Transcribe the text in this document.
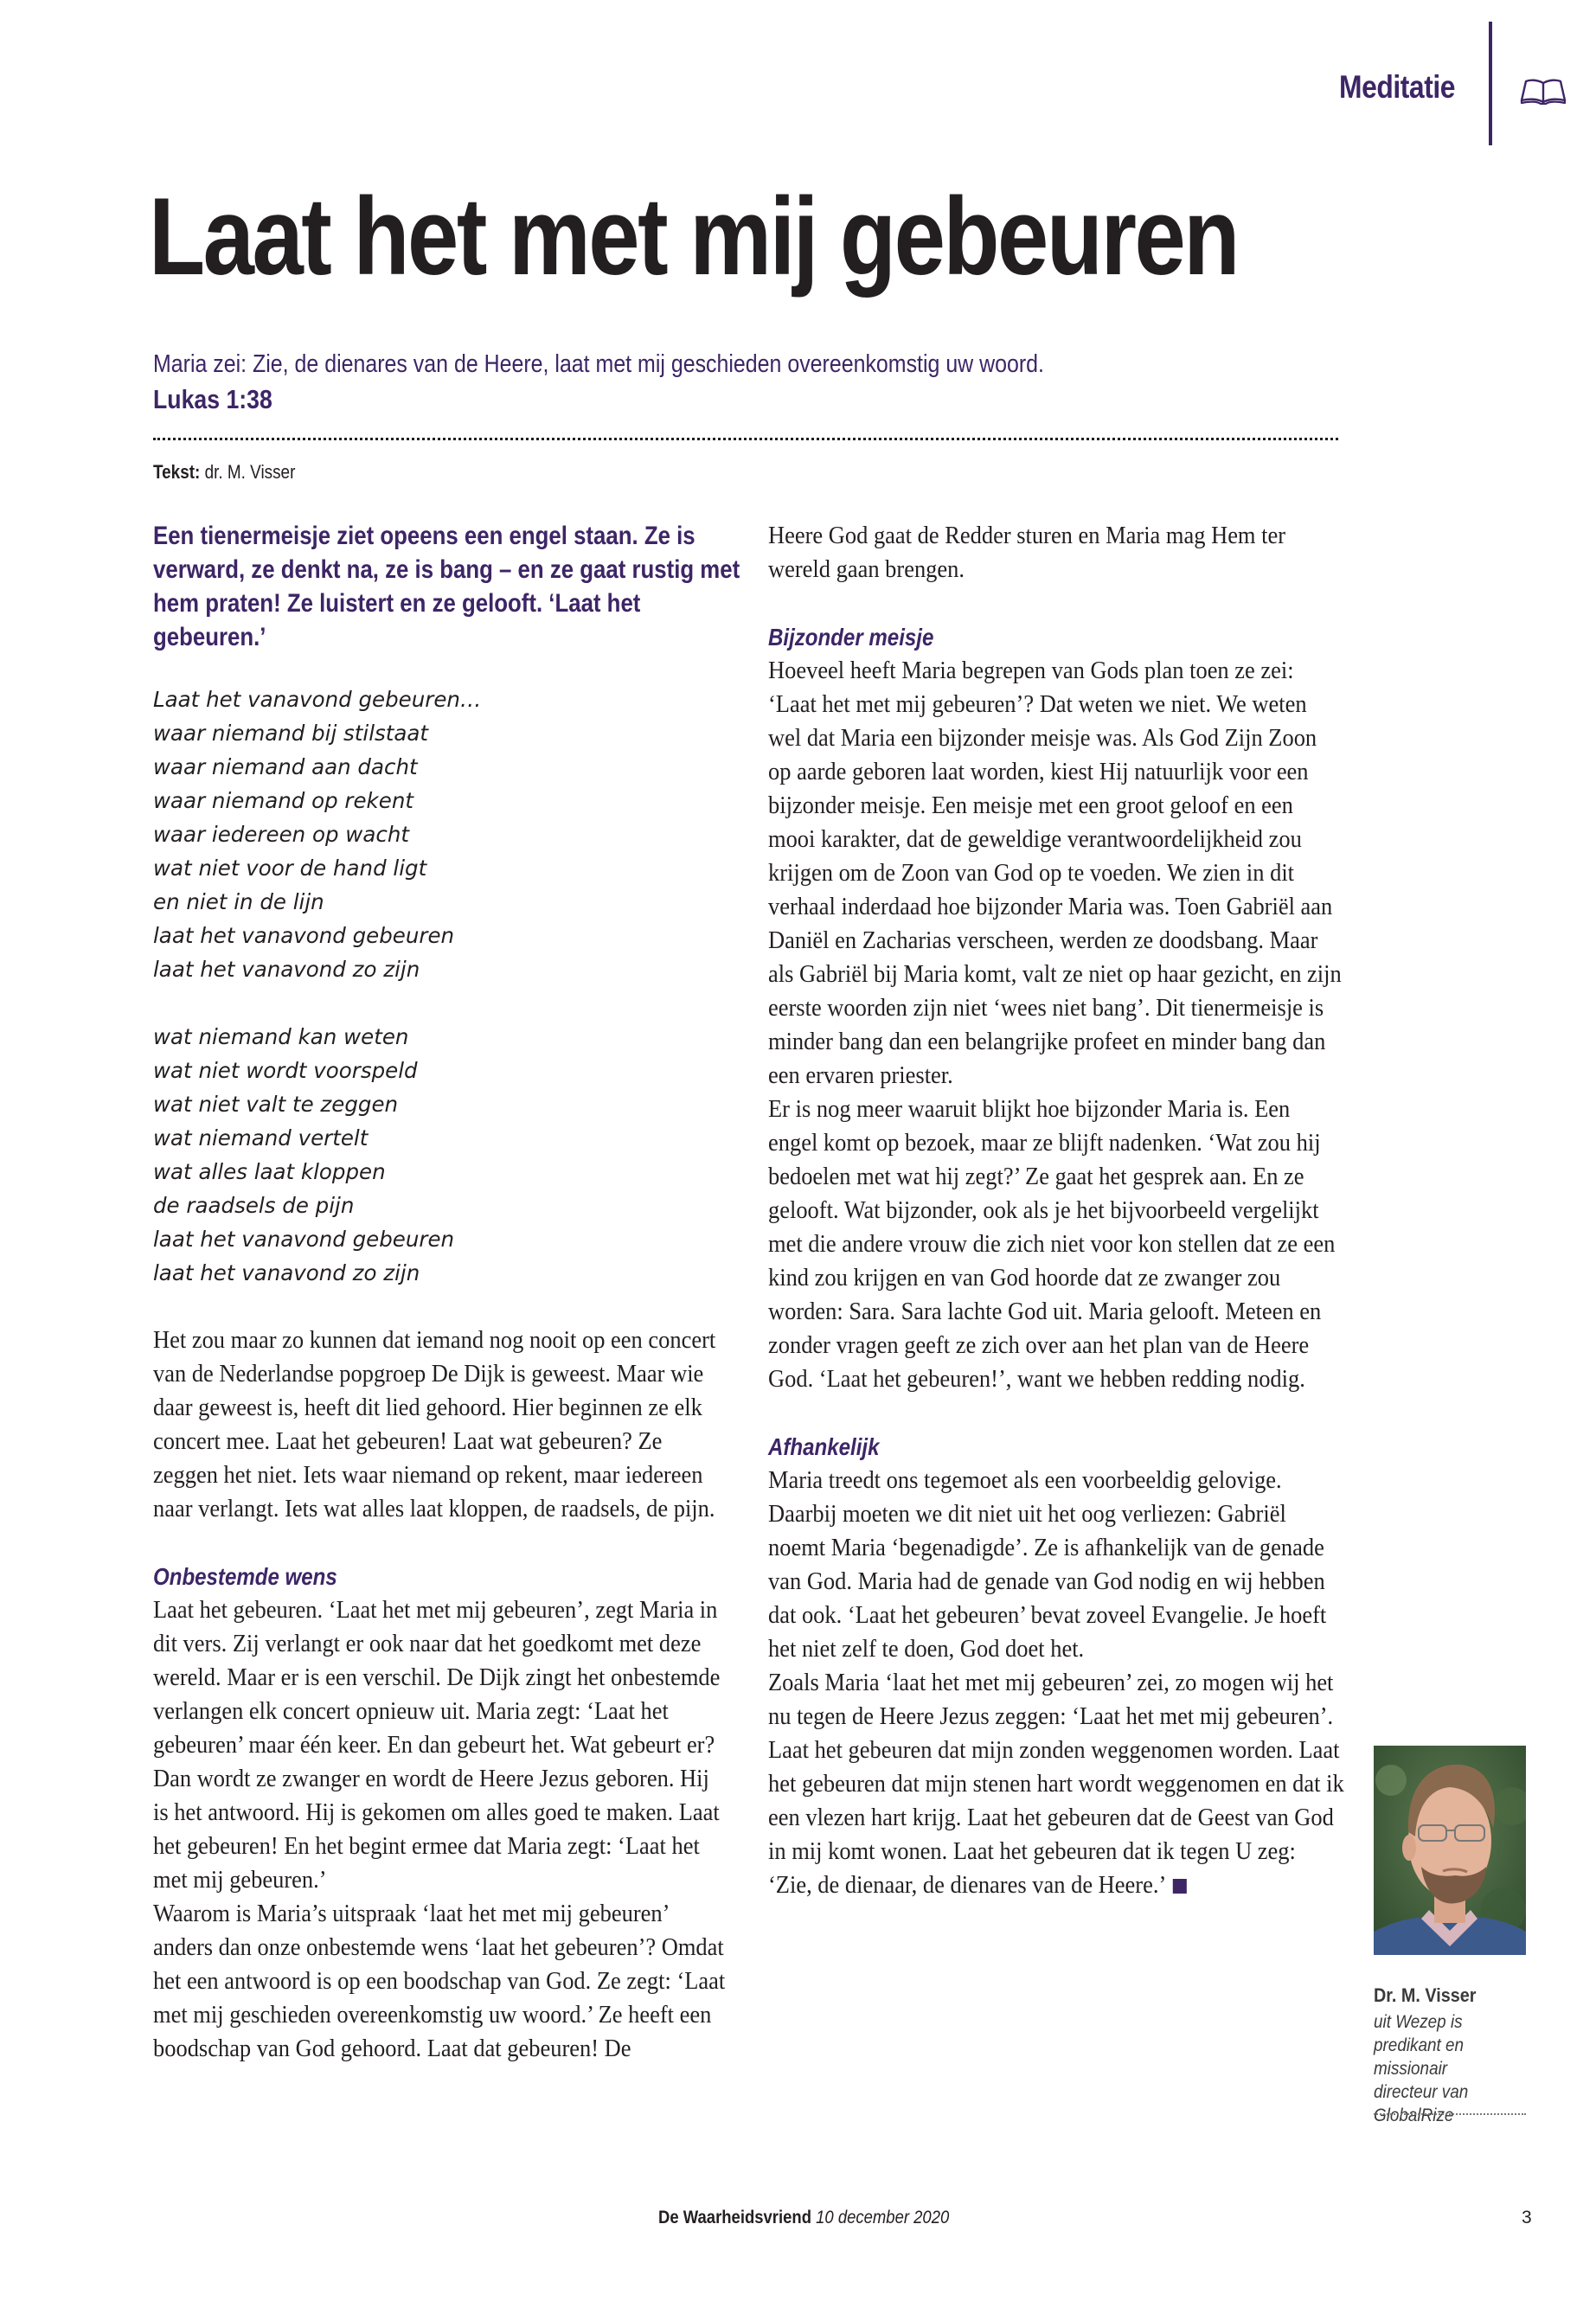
Meditatie
Laat het met mij gebeuren
Maria zei: Zie, de dienares van de Heere, laat met mij geschieden overeenkomstig uw woord.
Lukas 1:38
Tekst: dr. M. Visser
Een tienermeisje ziet opeens een engel staan. Ze is verward, ze denkt na, ze is bang – en ze gaat rustig met hem praten! Ze luistert en ze gelooft. ‘Laat het gebeuren.’
Laat het vanavond gebeuren…
waar niemand bij stilstaat
waar niemand aan dacht
waar niemand op rekent
waar iedereen op wacht
wat niet voor de hand ligt
en niet in de lijn
laat het vanavond gebeuren
laat het vanavond zo zijn
wat niemand kan weten
wat niet wordt voorspeld
wat niet valt te zeggen
wat niemand vertelt
wat alles laat kloppen
de raadsels de pijn
laat het vanavond gebeuren
laat het vanavond zo zijn

Het zou maar zo kunnen dat iemand nog nooit op een concert van de Nederlandse popgroep De Dijk is geweest. Maar wie daar geweest is, heeft dit lied gehoord. Hier beginnen ze elk concert mee. Laat het gebeuren! Laat wat gebeuren? Ze zeggen het niet. Iets waar niemand op rekent, maar iedereen naar verlangt. Iets wat alles laat kloppen, de raadsels, de pijn.

Onbestemde wens

Laat het gebeuren. ‘Laat het met mij gebeuren’, zegt Maria in dit vers. Zij verlangt er ook naar dat het goedkomt met deze wereld. Maar er is een verschil. De Dijk zingt het onbestemde verlangen elk concert opnieuw uit. Maria zegt: ‘Laat het gebeuren’ maar één keer. En dan gebeurt het. Wat gebeurt er? Dan wordt ze zwanger en wordt de Heere Jezus geboren. Hij is het antwoord. Hij is gekomen om alles goed te maken. Laat het gebeuren! En het begint ermee dat Maria zegt: ‘Laat het met mij gebeuren.’

Waarom is Maria’s uitspraak ‘laat het met mij gebeuren’ anders dan onze onbestemde wens ‘laat het gebeuren’? Omdat het een antwoord is op een boodschap van God. Ze zegt: ‘Laat met mij geschieden overeenkomstig uw woord.’ Ze heeft een boodschap van God gehoord. Laat dat gebeuren! De

Heere God gaat de Redder sturen en Maria mag Hem ter wereld gaan brengen.

Bijzonder meisje

Hoeveel heeft Maria begrepen van Gods plan toen ze zei: ‘Laat het met mij gebeuren’? Dat weten we niet. We weten wel dat Maria een bijzonder meisje was. Als God Zijn Zoon op aarde geboren laat worden, kiest Hij natuurlijk voor een bijzonder meisje. Een meisje met een groot geloof en een mooi karakter, dat de geweldige verantwoordelijkheid zou krijgen om de Zoon van God op te voeden. We zien in dit verhaal inderdaad hoe bijzonder Maria was. Toen Gabriël aan Daniël en Zacharias verscheen, werden ze doodsbang. Maar als Gabriël bij Maria komt, valt ze niet op haar gezicht, en zijn eerste woorden zijn niet ‘wees niet bang’. Dit tienermeisje is minder bang dan een belangrijke profeet en minder bang dan een ervaren priester.

Er is nog meer waaruit blijkt hoe bijzonder Maria is. Een engel komt op bezoek, maar ze blijft nadenken. ‘Wat zou hij bedoelen met wat hij zegt?’ Ze gaat het gesprek aan. En ze gelooft. Wat bijzonder, ook als je het bijvoorbeeld vergelijkt met die andere vrouw die zich niet voor kon stellen dat ze een kind zou krijgen en van God hoorde dat ze zwanger zou worden: Sara. Sara lachte God uit. Maria gelooft. Meteen en zonder vragen geeft ze zich over aan het plan van de Heere God. ‘Laat het gebeuren!’, want we hebben redding nodig.

Afhankelijk

Maria treedt ons tegemoet als een voorbeeldig gelovige. Daarbij moeten we dit niet uit het oog verliezen: Gabriël noemt Maria ‘begenadigde’. Ze is afhankelijk van de genade van God. Maria had de genade van God nodig en wij hebben dat ook. ‘Laat het gebeuren’ bevat zoveel Evangelie. Je hoeft het niet zelf te doen, God doet het.

Zoals Maria ‘laat het met mij gebeuren’ zei, zo mogen wij het nu tegen de Heere Jezus zeggen: ‘Laat het met mij gebeuren’. Laat het gebeuren dat mijn zonden weggenomen worden. Laat het gebeuren dat mijn stenen hart wordt weggenomen en dat ik een vlezen hart krijg. Laat het gebeuren dat de Geest van God in mij komt wonen. Laat het gebeuren dat ik tegen U zeg: ‘Zie, de dienaar, de dienares van de Heere.’

Dr. M. Visser
uit Wezep is predikant en missionair directeur van GlobalRize
De Waarheidsvriend 10 december 2020	3
